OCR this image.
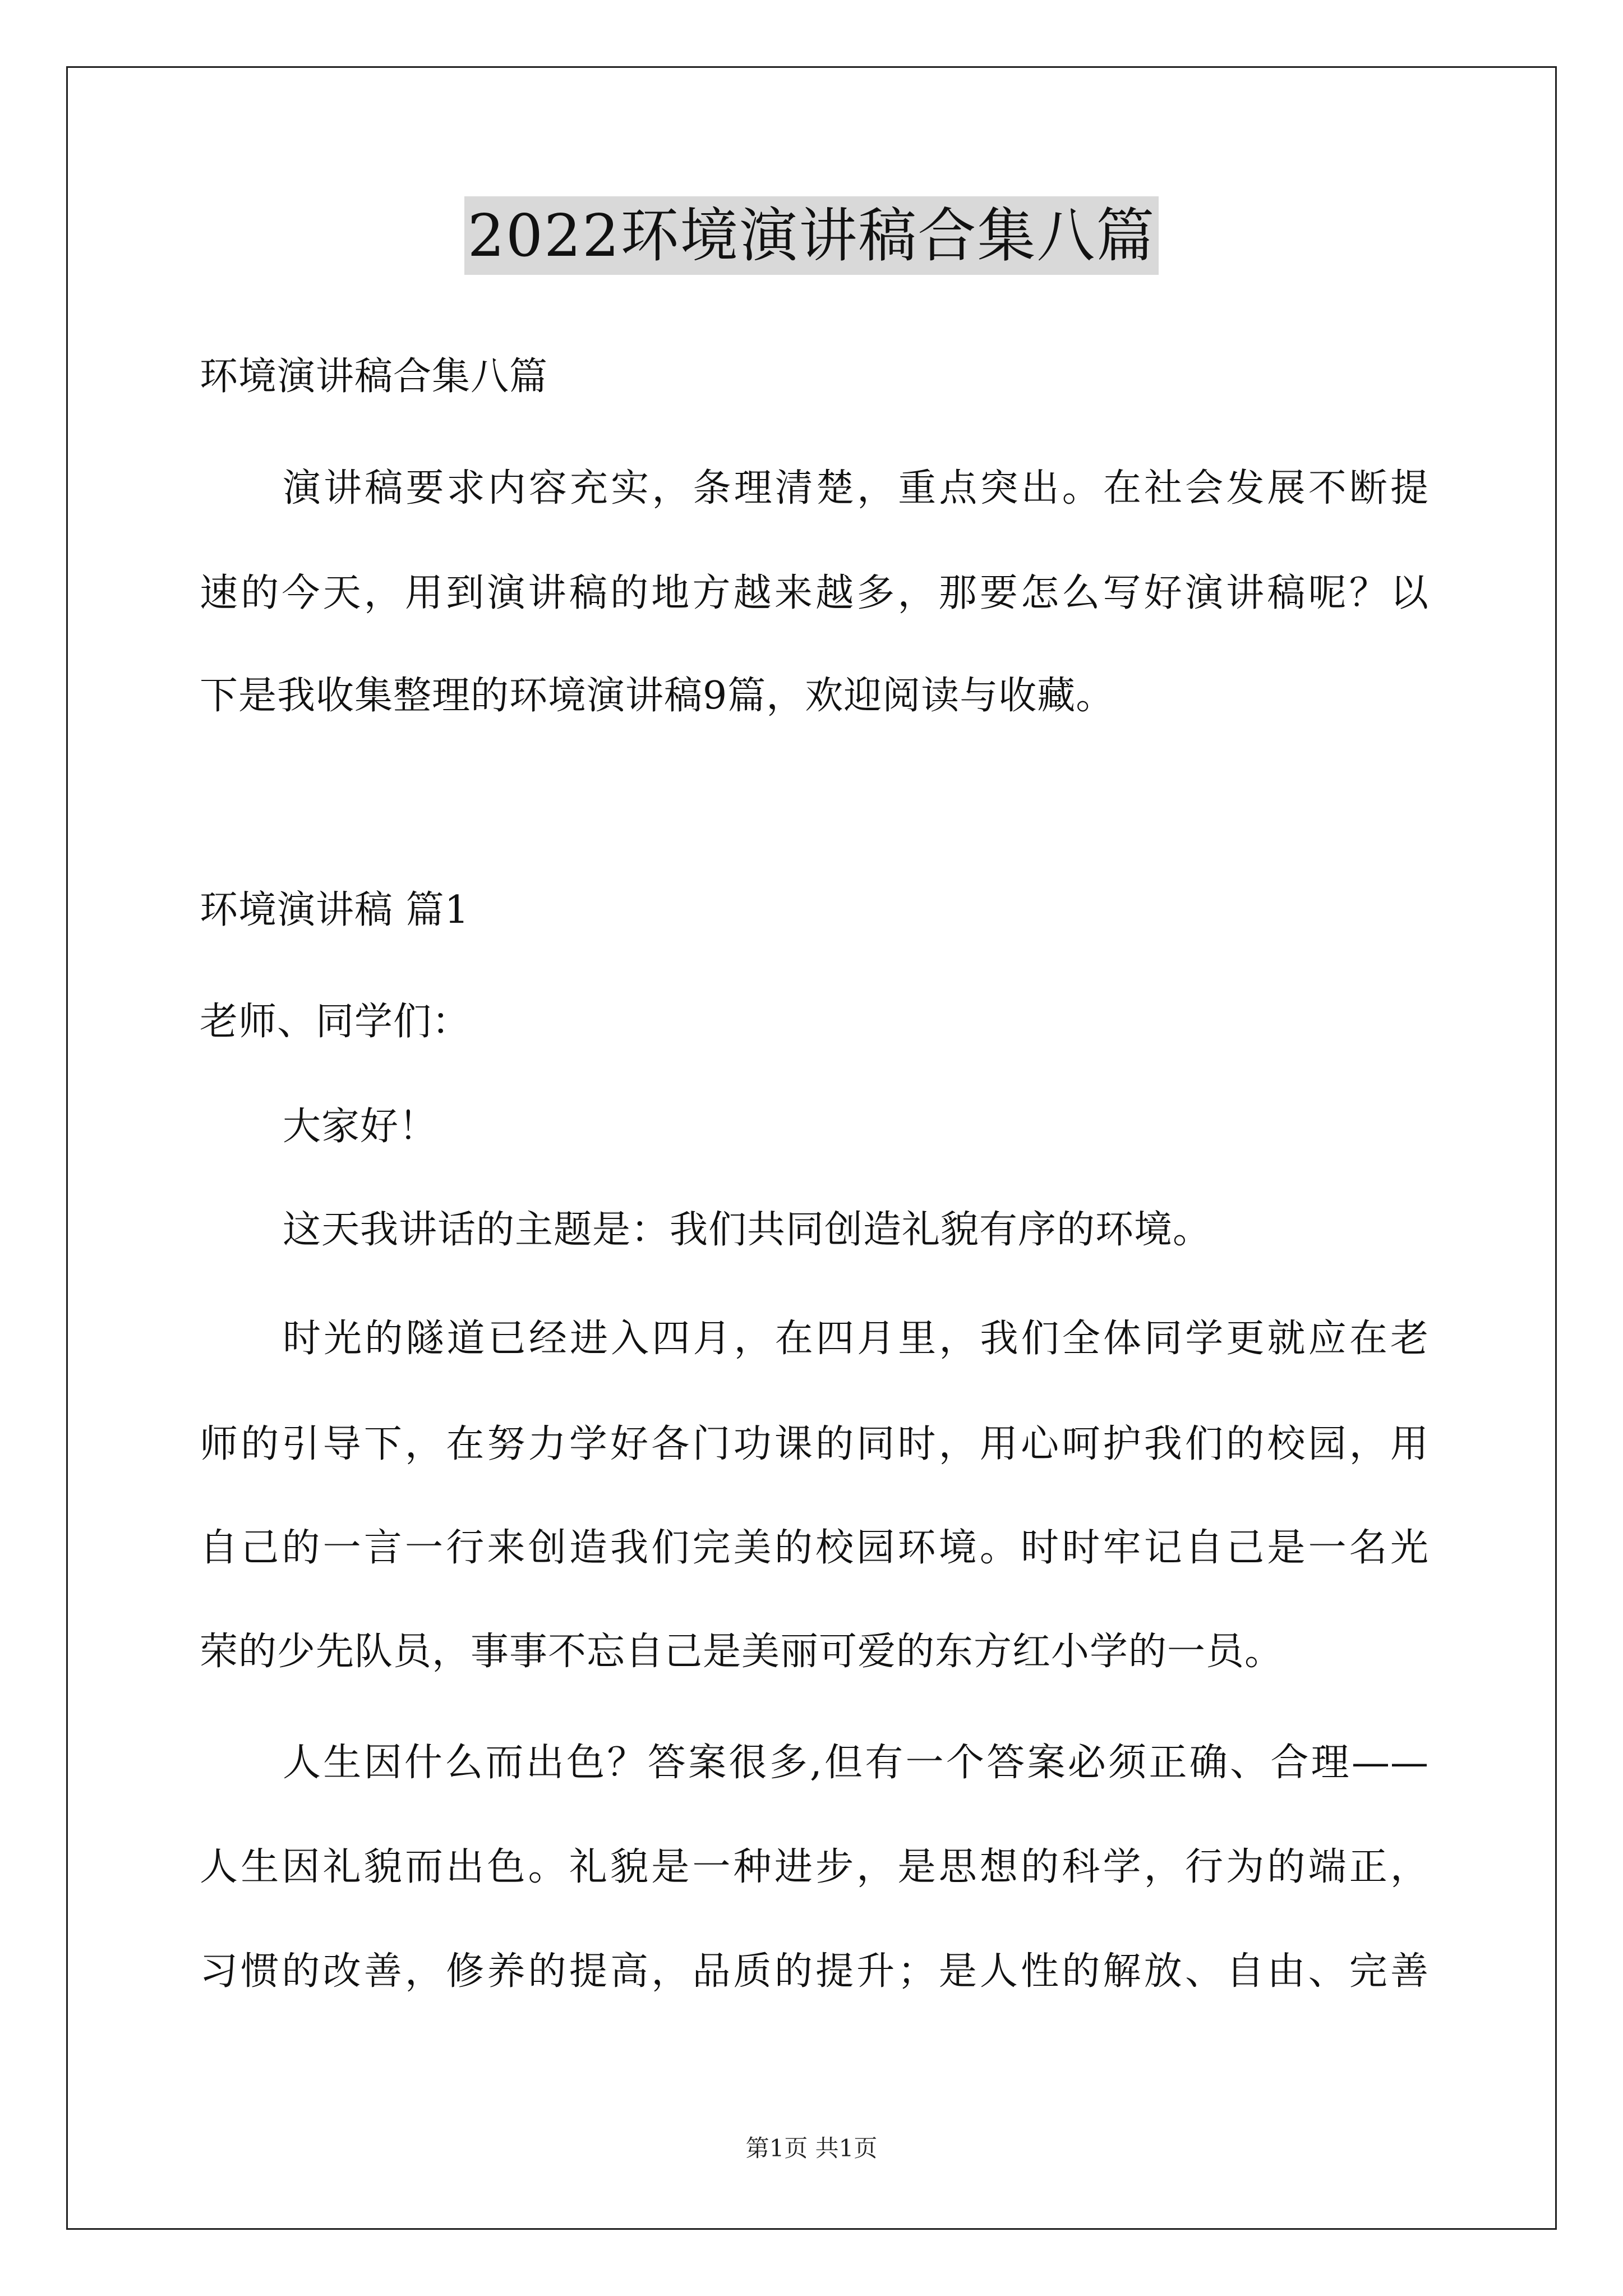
2022环境演讲稿合集八篇
环境演讲稿合集八篇
演讲稿要求内容充实，条理清楚，重点突出。在社会发展不断提
速的今天，用到演讲稿的地方越来越多，那要怎么写好演讲稿呢？以
下是我收集整理的环境演讲稿9篇，欢迎阅读与收藏。
环境演讲稿 篇1
老师、同学们：
大家好！
这天我讲话的主题是：我们共同创造礼貌有序的环境。
时光的隧道已经进入四月，在四月里，我们全体同学更就应在老
师的引导下，在努力学好各门功课的同时，用心呵护我们的校园，用
自己的一言一行来创造我们完美的校园环境。时时牢记自己是一名光
荣的少先队员，事事不忘自己是美丽可爱的东方红小学的一员。
人生因什么而出色？答案很多,但有一个答案必须正确、合理——
人生因礼貌而出色。礼貌是一种进步，是思想的科学，行为的端正，
习惯的改善，修养的提高，品质的提升；是人性的解放、自由、完善
第1页 共1页
